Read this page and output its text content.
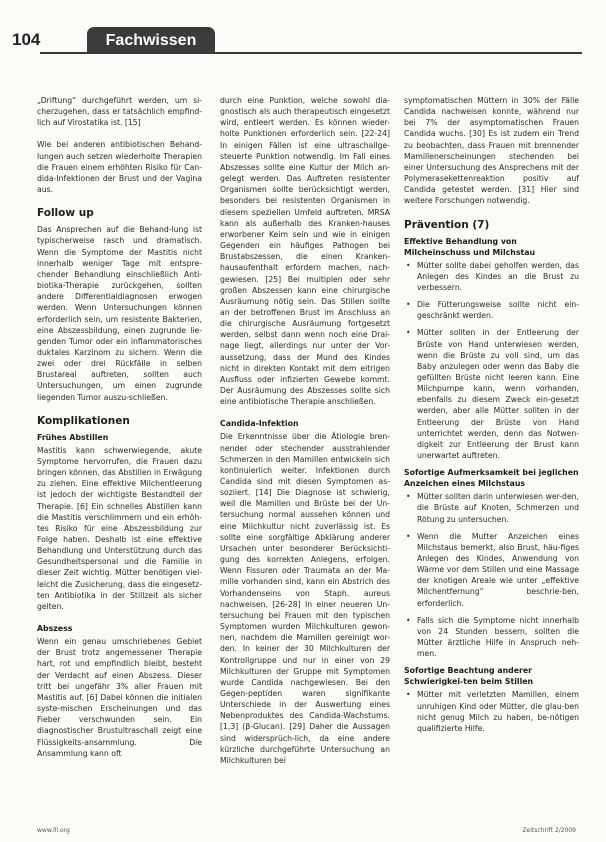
104	Fachwissen

„Driftung“ durchgeführt werden, um si-cherzugehen, dass er tatsächlich empfind-lich auf Virostatika ist. [15]

Wie bei anderen antibiotischen Behand-lungen auch setzen wiederholte Therapien die Frauen einem erhöhten Risiko für Can-dida-Infektionen der Brust und der Vagina aus.

Follow up

Das Ansprechen auf die Behand-lung ist typischerweise rasch und dramatisch. Wenn die Symptome der Mastitis nicht innerhalb weniger Tage mit entspre-chender Behandlung einschließlich Anti-biotika-Therapie zurückgehen, sollten andere Differentialdiagnosen erwogen werden. Wenn Untersuchungen können erforderlich sein, um resistente Bakterien, eine Abszessbildung, einen zugrunde lie-genden Tumor oder ein inflammatorisches duktales Karzinom zu sichern. Wenn die zwei oder drei Rückfälle in selben Brustareal auftreten, sollten auch Untersuchungen, um einen zugrunde liegenden Tumor auszu-schließen.

Komplikationen
Frühes Abstillen

Mastitis kann schwerwiegende, akute Symptome hervorrufen, die Frauen dazu bringen können, das Abstillen in Erwägung zu ziehen. Eine effektive Milchentleerung ist jedoch der wichtigste Bestandteil der Therapie. [6] Ein schnelles Abstillen kann die Mastitis verschlimmern und ein erhöh-tes Risiko für eine Abszessbildung zur Folge haben. Deshalb ist eine effektive Behandlung und Unterstützung durch das Gesundheitspersonal und die Familie in dieser Zeit wichtig. Mütter benötigen viel-leicht die Zusicherung, dass die eingesetz-ten Antibiotika in der Stillzeit als sicher gelten.

Abszess

Wenn ein genau umschriebenes Gebiet der Brust trotz angemessener Therapie hart, rot und empfindlich bleibt, besteht der Verdacht auf einen Abszess. Dieser tritt bei ungefähr 3% aller Frauen mit Mastitis auf. [6] Dabei können die initialen syste-mischen Erscheinungen und das Fieber verschwunden sein. Ein diagnostischer Brustultraschall zeigt eine Flüssigkeits-ansammlung. Die Ansammlung kann oft

durch eine Punktion, welche sowohl dia-gnostisch als auch therapeutisch eingesetzt wird, entleert werden. Es können wieder-holte Punktionen erforderlich sein. [22-24] In einigen Fällen ist eine ultraschallge-steuerte Punktion notwendig. Im Fall eines Abszesses sollte eine Kultur der Milch an-gelegt werden. Das Auftreten resistenter Organismen sollte berücksichtigt werden, besonders bei resistenten Organismen in diesem speziellen Umfeld auftreten. MRSA kann als außerhalb des Kranken-hauses erworbener Keim sein und wie in einigen Gegenden ein häufiges Pathogen bei Brustabszessen, die einen Kranken-hausaufenthalt erfordern machen, nach-gewiesen. [25] Bei multiplen oder sehr großen Abszessen kann eine chirurgische Ausräumung nötig sein. Das Stillen sollte an der betroffenen Brust im Anschluss an die chirurgische Ausräumung fortgesetzt werden, selbst dann wenn noch eine Drai-nage liegt, allerdings nur unter der Vor-aussetzung, dass der Mund des Kindes nicht in direkten Kontakt mit dem eitrigen Ausfluss oder infizierten Gewebe kommt. Der Ausräumung des Abszesses sollte sich eine antibiotische Therapie anschließen.

Candida-Infektion

Die Erkenntnisse über die Ätiologie bren-nender oder stechender ausstrahlender Schmerzen in den Mamillen entwickeln sich kontinuierlich weiter. Infektionen durch Candida sind mit diesen Symptomen as-soziiert. [14] Die Diagnose ist schwierig, weil die Mamillen und Brüste bei der Un-tersuchung normal aussehen können und eine Milchkultur nicht zuverlässig ist. Es sollte eine sorgfältige Abklärung anderer Ursachen unter besonderer Berücksichti-gung des korrekten Anlegens, erfolgen. Wenn Fissuren oder Traumata an der Ma-mille vorhanden sind, kann ein Abstrich des Vorhandenseins von Staph. aureus nachweisen. [26-28] In einer neueren Un-tersuchung bei Frauen mit den typischen Symptomen wurden Milchkulturen gewon-nen, nachdem die Mamillen gereinigt wor-den. In keiner der 30 Milchkulturen der Kontrollgruppe und nur in einer von 29 Milchkulturen der Gruppe mit Symptomen wurde Candida nachgewiesen. Bei den Gegen-peptiden waren signifikante Unterschiede in der Auswertung eines Nebenproduktes des Candida-Wachstums. [1,3] (β-Glucan). [29] Daher die Aussagen sind widersprüch-lich, da eine andere kürzliche durchgeführte Untersuchung an Milchkulturen bei

symptomatischen Müttern in 30% der Fälle Candida nachweisen konnte, während nur bei 7% der asymptomatischen Frauen Candida wuchs. [30] Es ist zudem ein Trend zu beobachten, dass Frauen mit brennender Mamillenerscheinungen stechenden bei einer Untersuchung des Ansprechens mit der Polymerasekettenreaktion positiv auf Candida getestet werden. [31] Hier sind weitere Forschungen notwendig.

Prävention (7)
Effektive Behandlung von Milcheinschuss und Milchstau
• Mütter sollte dabei geholfen werden, das Anlegen des Kindes an die Brust zu verbessern.
• Die Fütterungsweise sollte nicht ein-geschränkt werden.
• Mütter sollten in der Entleerung der Brüste von Hand unterwiesen werden, wenn die Brüste zu voll sind, um das Baby anzulegen oder wenn das Baby die gefüllten Brüste nicht leeren kann. Eine Milchpumpe kann, wenn vorhanden, ebenfalls zu diesem Zweck ein-gesetzt werden, aber alle Mütter sollten in der Entleerung der Brüste von Hand unterrichtet werden, denn das Notwen-digkeit zur Entleerung der Brust kann unerwartet auftreten.
Sofortige Aufmerksamkeit bei jeglichen Anzeichen eines Milchstaus
• Mütter sollten darin unterwiesen wer-den, die Brüste auf Knoten, Schmerzen und Rötung zu untersuchen.
• Wenn die Mutter Anzeichen eines Milchstaus bemerkt, also Brust, häu-figes Anlegen des Kindes, Anwendung von Wärme vor dem Stillen und eine Massage der knotigen Areale wie unter „effektive Milchentfernung“ beschrie-ben, erforderlich.
• Falls sich die Symptome nicht innerhalb von 24 Stunden bessern, sollten die Mütter ärztliche Hilfe in Anspruch neh-men.
Sofortige Beachtung anderer Schwierigkei-ten beim Stillen
• Mütter mit verletzten Mamillen, einem unruhigen Kind oder Mütter, die glau-ben nicht genug Milch zu haben, be-nötigen qualifizierte Hilfe.
www.lll.org	Zeitschrift 2/2009
